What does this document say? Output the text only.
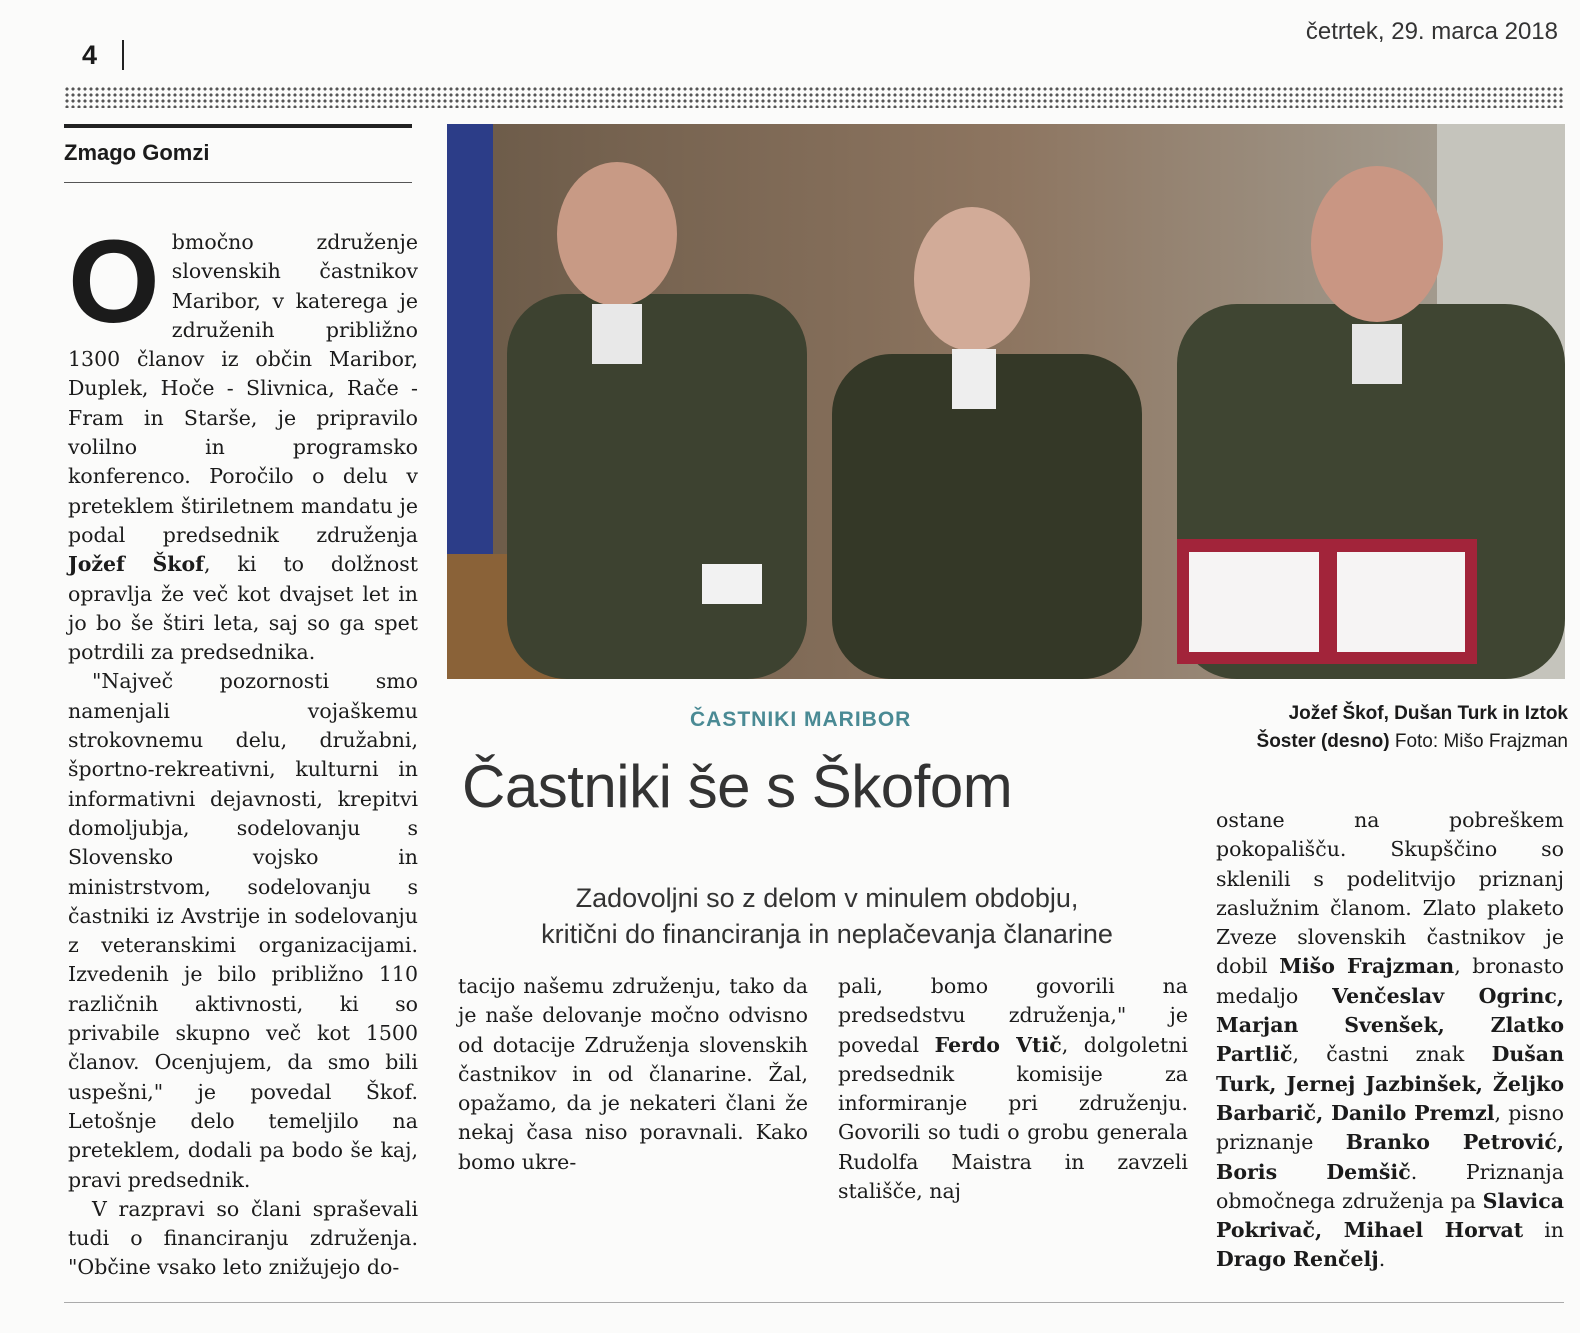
4
četrtek, 29. marca 2018
Zmago Gomzi

O bmočno združenje slovenskih častnikov Maribor, v katerega je združenih približno 1300 članov iz občin Maribor, Duplek, Hoče - Slivnica, Rače - Fram in Starše, je pripravilo volilno in programsko konferenco. Poročilo o delu v preteklem štiriletnem mandatu je podal predsednik združenja Jožef Škof, ki to dolžnost opravlja že več kot dvajset let in jo bo še štiri leta, saj so ga spet potrdili za predsednika.

"Največ pozornosti smo namenjali vojaškemu strokovnemu delu, družabni, športno-rekreativni, kulturni in informativni dejavnosti, krepitvi domoljubja, sodelovanju s Slovensko vojsko in ministrstvom, sodelovanju s častniki iz Avstrije in sodelovanju z veteranskimi organizacijami. Izvedenih je bilo približno 110 različnih aktivnosti, ki so privabile skupno več kot 1500 članov. Ocenjujem, da smo bili uspešni," je povedal Škof. Letošnje delo temeljilo na preteklem, dodali pa bodo še kaj, pravi predsednik.

V razpravi so člani spraševali tudi o financiranju združenja. "Občine vsako leto znižujejo do-

ČASTNIKI MARIBOR	Jožef Škof, Dušan Turk in Iztok
Šoster (desno) Foto: Mišo Frajzman
Častniki še s Škofom
Zadovoljni so z delom v minulem obdobju,
kritični do financiranja in neplačevanja članarine

tacijo našemu združenju, tako da je naše delovanje močno odvisno od dotacije Združenja slovenskih častnikov in od članarine. Žal, opažamo, da je nekateri člani že nekaj časa niso poravnali. Kako bomo ukre-

pali, bomo govorili na predsedstvu združenja," je povedal Ferdo Vtič, dolgoletni predsednik komisije za informiranje pri združenju. Govorili so tudi o grobu generala Rudolfa Maistra in zavzeli stališče, naj

ostane na pobreškem pokopališču. Skupščino so sklenili s podelitvijo priznanj zaslužnim članom. Zlato plaketo Zveze slovenskih častnikov je dobil Mišo Frajzman, bronasto medaljo Venčeslav Ogrinc, Marjan Svenšek, Zlatko Partlič, častni znak Dušan Turk, Jernej Jazbinšek, Željko Barbarič, Danilo Premzl, pisno priznanje Branko Petrović, Boris Demšič. Priznanja območnega združenja pa Slavica Pokrivač, Mihael Horvat in Drago Renčelj.
